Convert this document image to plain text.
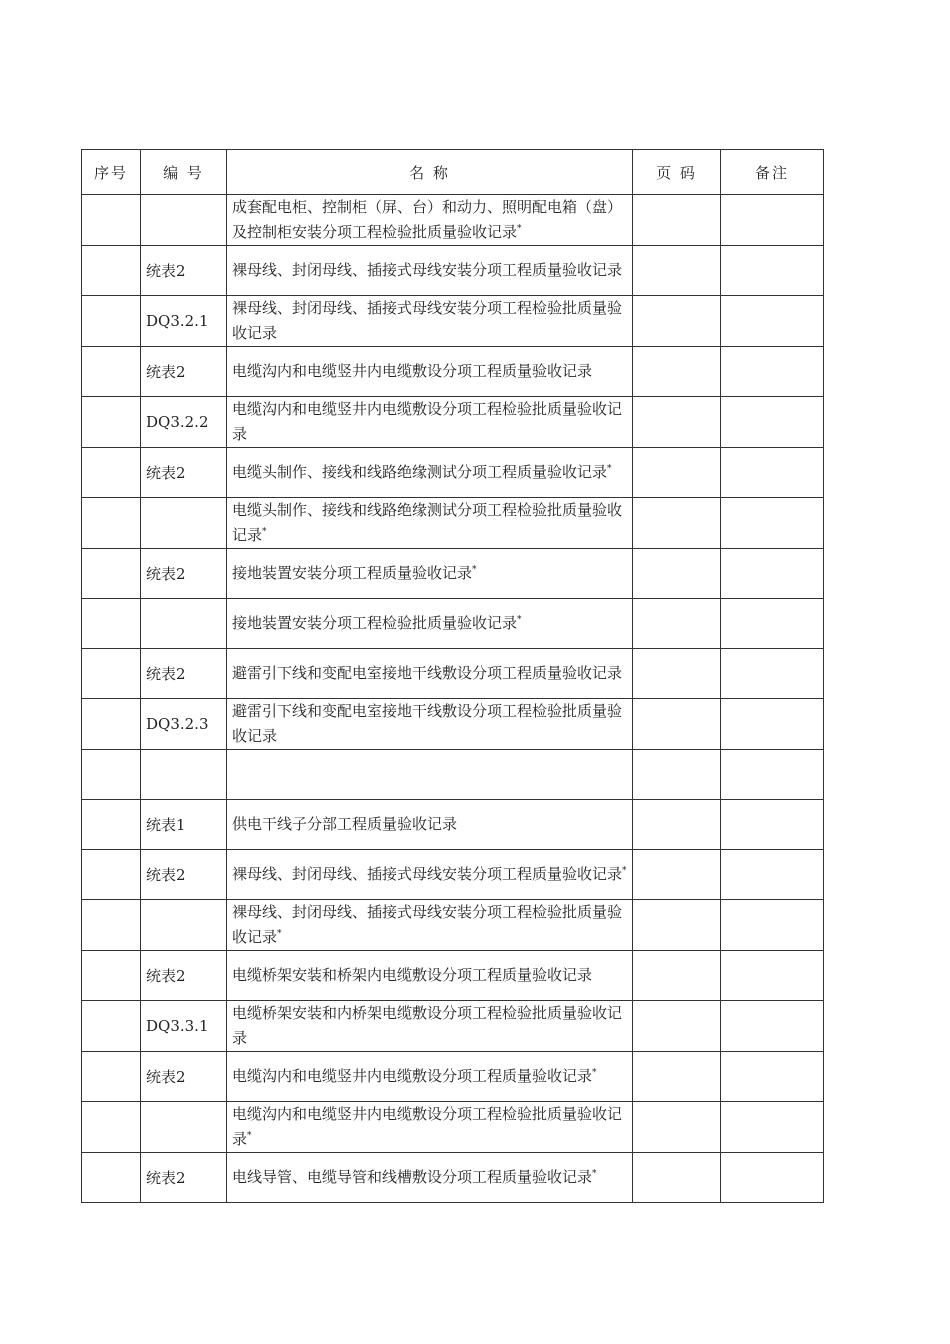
序号	编 号	名 称	页 码	备注
		成套配电柜、控制柜（屏、台）和动力、照明配电箱（盘）及控制柜安装分项工程检验批质量验收记录*		
	统表2	裸母线、封闭母线、插接式母线安装分项工程质量验收记录		
	DQ3.2.1	裸母线、封闭母线、插接式母线安装分项工程检验批质量验收记录		
	统表2	电缆沟内和电缆竖井内电缆敷设分项工程质量验收记录		
	DQ3.2.2	电缆沟内和电缆竖井内电缆敷设分项工程检验批质量验收记录		
	统表2	电缆头制作、接线和线路绝缘测试分项工程质量验收记录*		
		电缆头制作、接线和线路绝缘测试分项工程检验批质量验收记录*		
	统表2	接地装置安装分项工程质量验收记录*		
		接地装置安装分项工程检验批质量验收记录*		
	统表2	避雷引下线和变配电室接地干线敷设分项工程质量验收记录		
	DQ3.2.3	避雷引下线和变配电室接地干线敷设分项工程检验批质量验收记录		

	统表1	供电干线子分部工程质量验收记录		
	统表2	裸母线、封闭母线、插接式母线安装分项工程质量验收记录*		
		裸母线、封闭母线、插接式母线安装分项工程检验批质量验收记录*		
	统表2	电缆桥架安装和桥架内电缆敷设分项工程质量验收记录		
	DQ3.3.1	电缆桥架安装和内桥架电缆敷设分项工程检验批质量验收记录		
	统表2	电缆沟内和电缆竖井内电缆敷设分项工程质量验收记录*		
		电缆沟内和电缆竖井内电缆敷设分项工程检验批质量验收记录*		
	统表2	电线导管、电缆导管和线槽敷设分项工程质量验收记录*		
